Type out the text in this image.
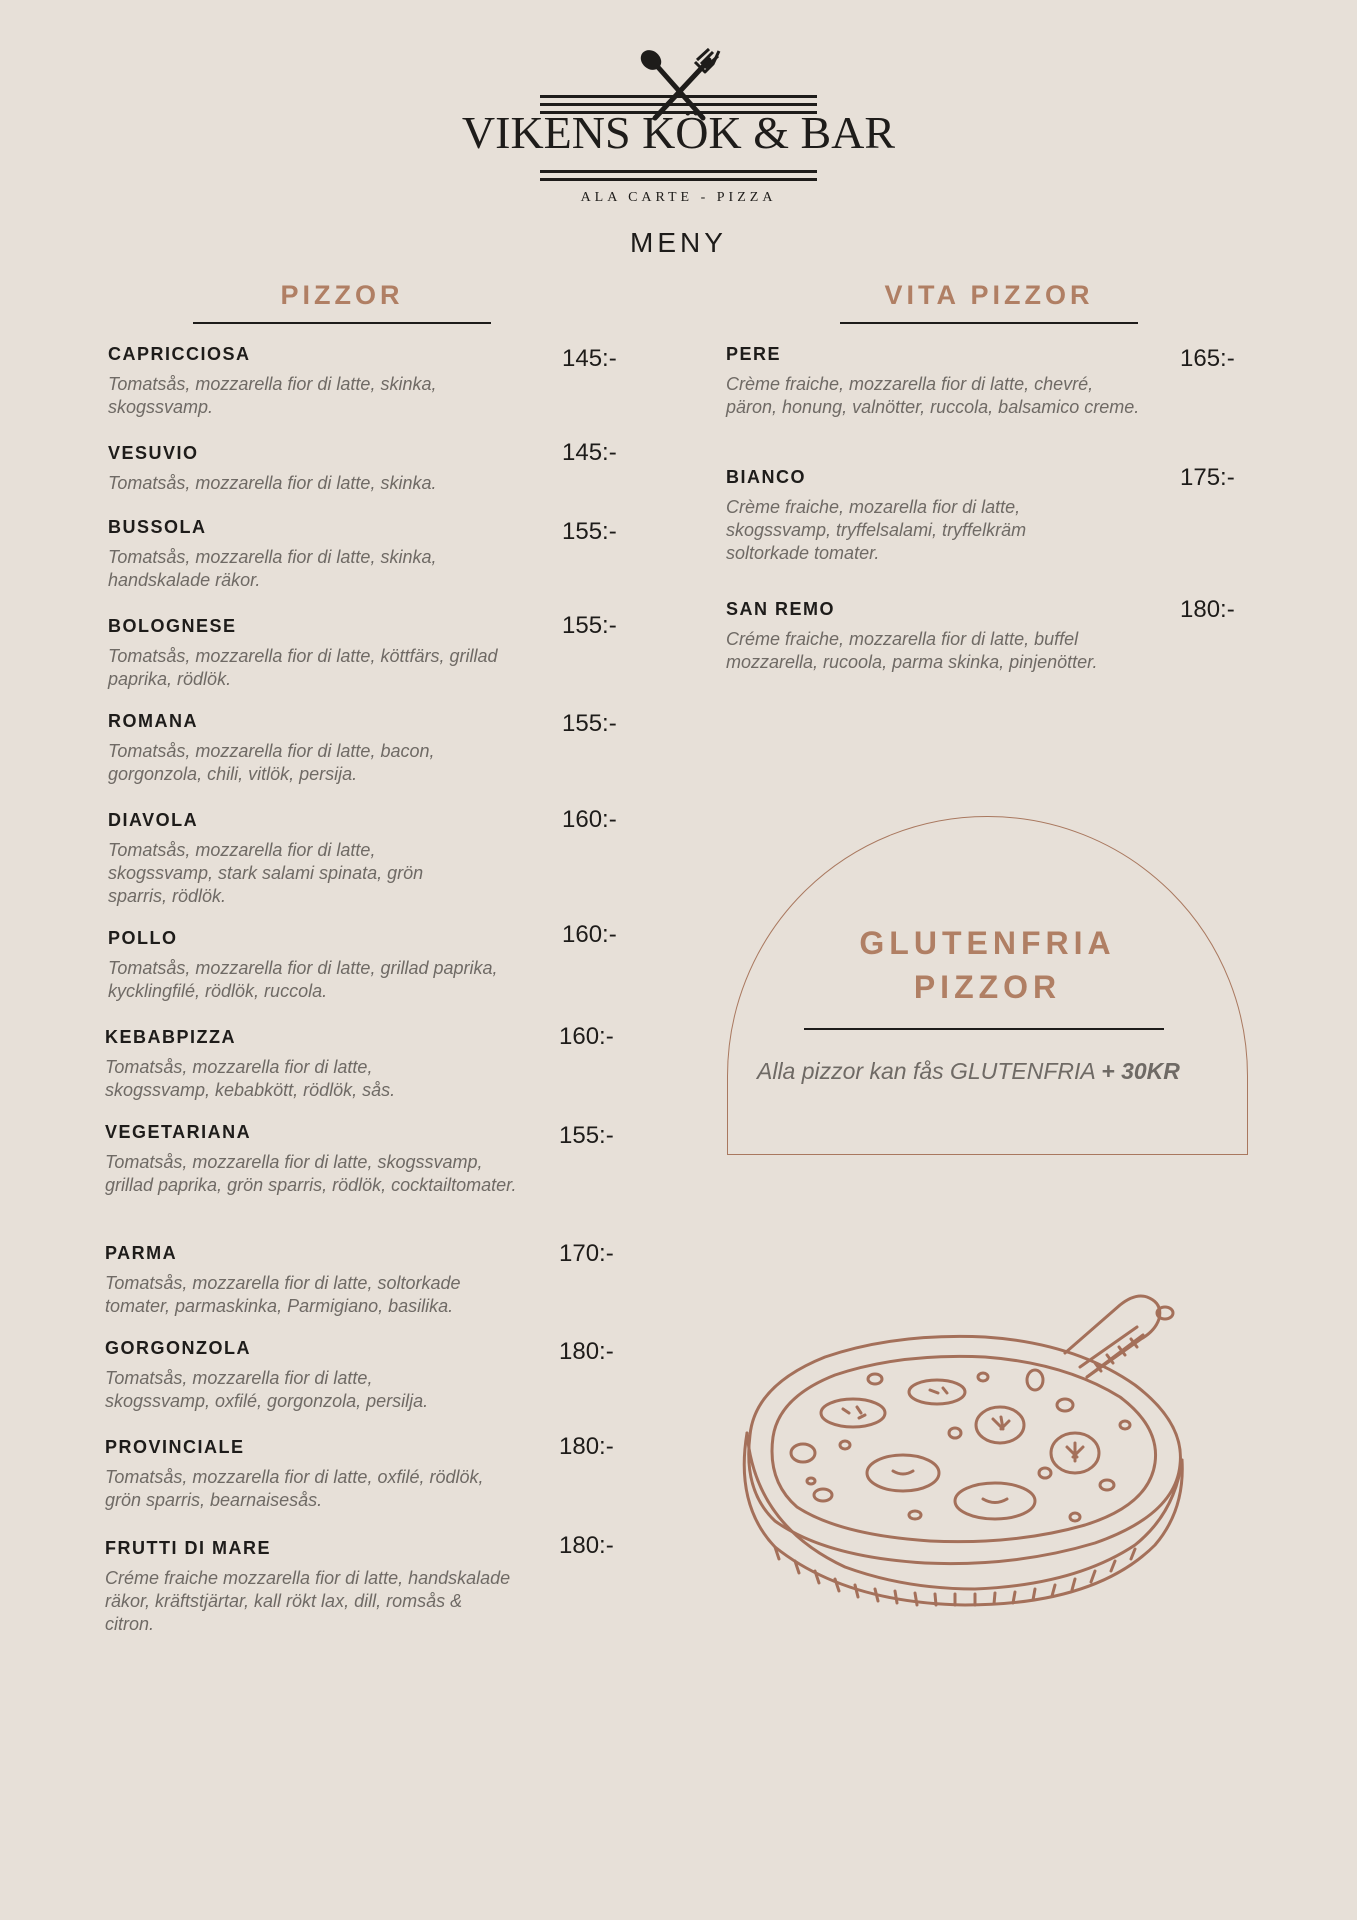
VIKENS KÖK & BAR
ALA CARTE - PIZZA
MENY
PIZZOR
CAPRICCIOSA
Tomatsås, mozzarella fior di latte, skinka, skogssvamp.
145:-
VESUVIO
Tomatsås, mozzarella fior di latte, skinka.
145:-
BUSSOLA
Tomatsås, mozzarella fior di latte, skinka, handskalade räkor.
155:-
BOLOGNESE
Tomatsås, mozzarella fior di latte, köttfärs, grillad paprika, rödlök.
155:-
ROMANA
Tomatsås, mozzarella fior di latte, bacon, gorgonzola, chili, vitlök, persija.
155:-
DIAVOLA
Tomatsås, mozzarella fior di latte, skogssvamp, stark salami spinata, grön sparris, rödlök.
160:-
POLLO
Tomatsås, mozzarella fior di latte, grillad paprika, kycklingfilé, rödlök, ruccola.
160:-
KEBABPIZZA
Tomatsås, mozzarella fior di latte, skogssvamp, kebabkött, rödlök, sås.
160:-
VEGETARIANA
Tomatsås, mozzarella fior di latte, skogssvamp, grillad paprika, grön sparris, rödlök, cocktailtomater.
155:-
PARMA
Tomatsås, mozzarella fior di latte, soltorkade tomater, parmaskinka, Parmigiano, basilika.
170:-
GORGONZOLA
Tomatsås, mozzarella fior di latte, skogssvamp, oxfilé, gorgonzola, persilja.
180:-
PROVINCIALE
Tomatsås, mozzarella fior di latte, oxfilé, rödlök, grön sparris, bearnaisesås.
180:-
FRUTTI DI MARE
Créme fraiche mozzarella fior di latte, handskalade räkor, kräftstjärtar, kall rökt lax, dill, romsås & citron.
180:-
VITA PIZZOR
PERE
Crème fraiche, mozzarella fior di latte, chevré, päron, honung, valnötter, ruccola, balsamico creme.
165:-
BIANCO
Crème fraiche, mozarella fior di latte, skogssvamp, tryffelsalami, tryffelkräm soltorkade tomater.
175:-
SAN REMO
Créme fraiche, mozzarella fior di latte, buffel mozzarella, rucoola, parma skinka, pinjenötter.
180:-
GLUTENFRIA
PIZZOR
Alla pizzor kan fås GLUTENFRIA + 30KR
